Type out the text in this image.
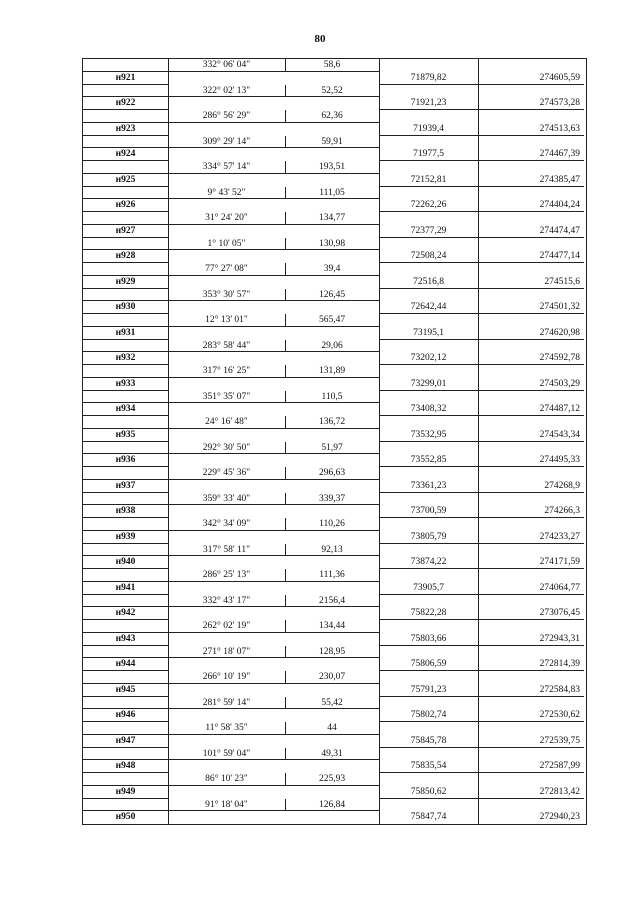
80
332° 06' 04"	58,6
н921	71879,82	274605,59
322° 02' 13"	52,52
н922	71921,23	274573,28
286° 56' 29"	62,36
н923	71939,4	274513,63
309° 29' 14"	59,91
н924	71977,5	274467,39
334° 57' 14"	193,51
н925	72152,81	274385,47
9° 43' 52"	111,05
н926	72262,26	274404,24
31° 24' 20"	134,77
н927	72377,29	274474,47
1° 10' 05"	130,98
н928	72508,24	274477,14
77° 27' 08"	39,4
н929	72516,8	274515,6
353° 30' 57"	126,45
н930	72642,44	274501,32
12° 13' 01"	565,47
н931	73195,1	274620,98
283° 58' 44"	29,06
н932	73202,12	274592,78
317° 16' 25"	131,89
н933	73299,01	274503,29
351° 35' 07"	110,5
н934	73408,32	274487,12
24° 16' 48"	136,72
н935	73532,95	274543,34
292° 30' 50"	51,97
н936	73552,85	274495,33
229° 45' 36"	296,63
н937	73361,23	274268,9
359° 33' 40"	339,37
н938	73700,59	274266,3
342° 34' 09"	110,26
н939	73805,79	274233,27
317° 58' 11"	92,13
н940	73874,22	274171,59
286° 25' 13"	111,36
н941	73905,7	274064,77
332° 43' 17"	2156,4
н942	75822,28	273076,45
262° 02' 19"	134,44
н943	75803,66	272943,31
271° 18' 07"	128,95
н944	75806,59	272814,39
266° 10' 19"	230,07
н945	75791,23	272584,83
281° 59' 14"	55,42
н946	75802,74	272530,62
11° 58' 35"	44
н947	75845,78	272539,75
101° 59' 04"	49,31
н948	75835,54	272587,99
86° 10' 23"	225,93
н949	75850,62	272813,42
91° 18' 04"	126,84
н950	75847,74	272940,23
